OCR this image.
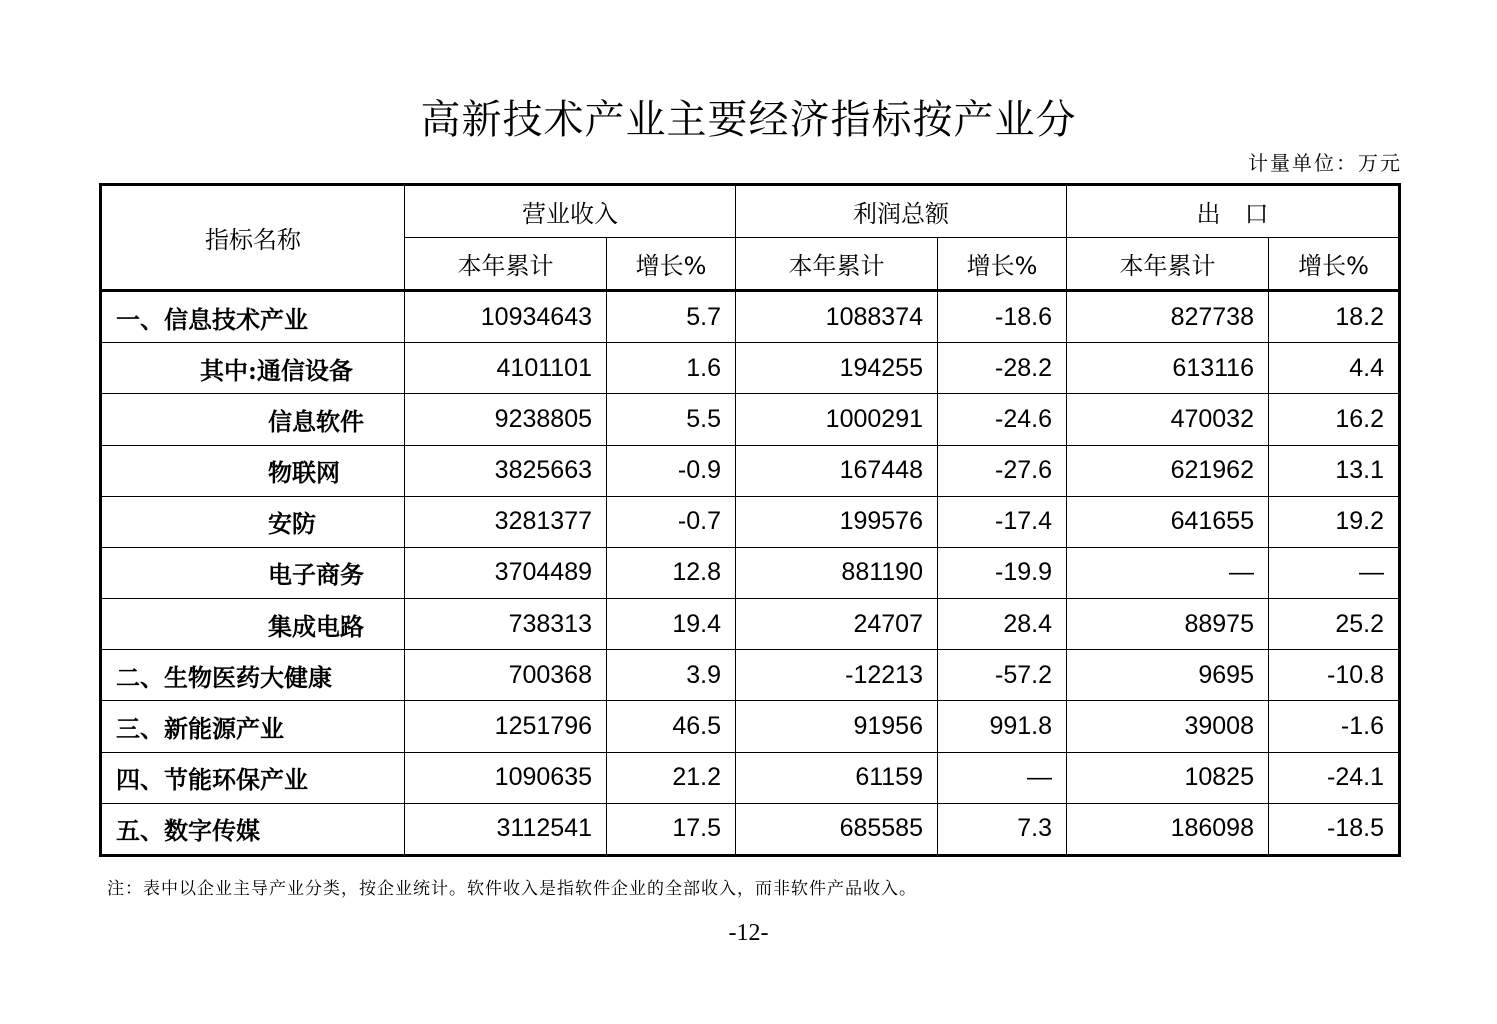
高新技术产业主要经济指标按产业分
计量单位：万元
指标名称	营业收入		利润总额		出　口	
	本年累计	增长%	本年累计	增长%	本年累计	增长%
一、信息技术产业	10934643	5.7	1088374	-18.6	827738	18.2
其中:通信设备	4101101	1.6	194255	-28.2	613116	4.4
信息软件	9238805	5.5	1000291	-24.6	470032	16.2
物联网	3825663	-0.9	167448	-27.6	621962	13.1
安防	3281377	-0.7	199576	-17.4	641655	19.2
电子商务	3704489	12.8	881190	-19.9	—	—
集成电路	738313	19.4	24707	28.4	88975	25.2
二、生物医药大健康	700368	3.9	-12213	-57.2	9695	-10.8
三、新能源产业	1251796	46.5	91956	991.8	39008	-1.6
四、节能环保产业	1090635	21.2	61159	—	10825	-24.1
五、数字传媒	3112541	17.5	685585	7.3	186098	-18.5
注：表中以企业主导产业分类，按企业统计。软件收入是指软件企业的全部收入，而非软件产品收入。
-12-
